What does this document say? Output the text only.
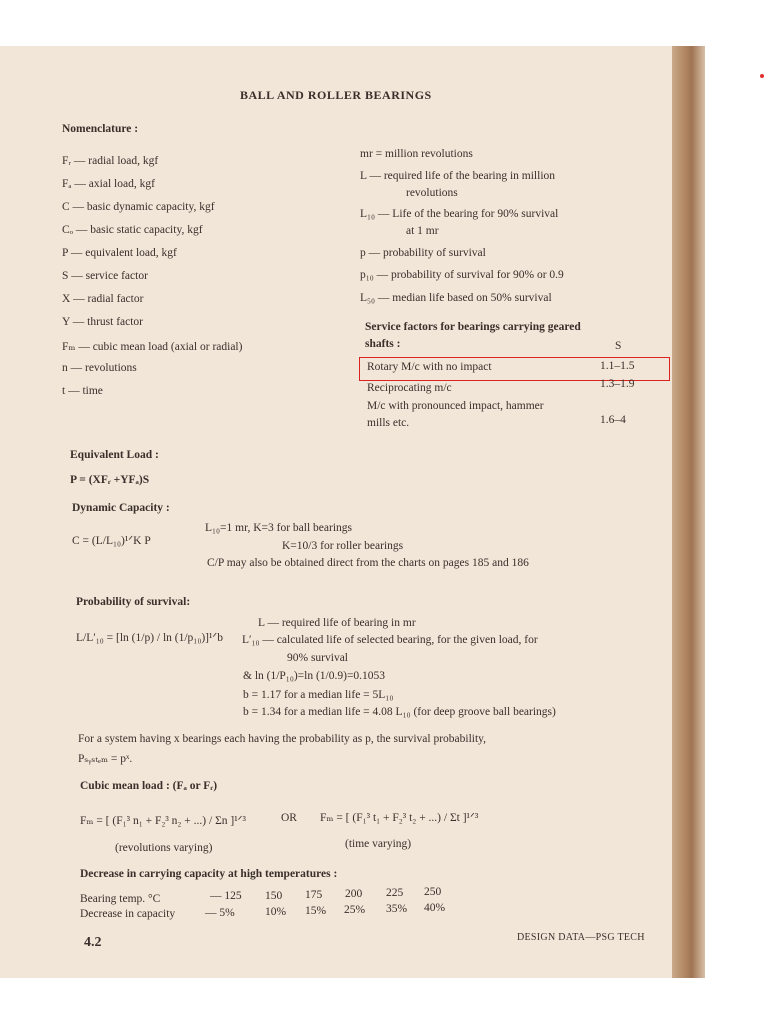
BALL AND ROLLER BEARINGS
Nomenclature :
Fᵣ — radial load, kgf
Fₐ — axial load, kgf
C — basic dynamic capacity, kgf
Cₒ — basic static capacity, kgf
P — equivalent load, kgf
S — service factor
X — radial factor
Y — thrust factor
Fₘ — cubic mean load (axial or radial)
n — revolutions
t — time
mr = million revolutions
L — required life of the bearing in million
revolutions
L₁₀ — Life of the bearing for 90% survival
at 1 mr
p — probability of survival
p₁₀ — probability of survival for 90% or 0.9
L₅₀ — median life based on 50% survival
Service factors for bearings carrying geared
shafts :	S
Rotary M/c with no impact	1.1–1.5
Reciprocating m/c	1.3–1.9
M/c with pronounced impact, hammer
mills etc.	1.6–4
Equivalent Load :
P = (XFᵣ +YFₐ)S
Dynamic Capacity :
C = (L/L₁₀)¹ᐟK P
L₁₀=1 mr, K=3 for ball bearings
K=10/3 for roller bearings
C/P may also be obtained direct from the charts on pages 185 and 186
Probability of survival:
L/L′₁₀ = [ln (1/p) / ln (1/p₁₀)]¹ᐟb
L — required life of bearing in mr
L′₁₀ — calculated life of selected bearing, for the given load, for
90% survival
& ln (1/P₁₀)=ln (1/0.9)=0.1053
b = 1.17 for a median life = 5L₁₀
b = 1.34 for a median life = 4.08 L₁₀ (for deep groove ball bearings)
For a system having x bearings each having the probability as p, the survival probability,
Pₛᵧₛₜₑₘ = pˣ.
Cubic mean load : (Fₐ or Fᵣ)
Fₘ = [ (F₁³ n₁ + F₂³ n₂ + ...) / Σn ]¹ᐟ³	OR Fₘ = [ (F₁³ t₁ + F₂³ t₂ + ...) / Σt ]¹ᐟ³
(revolutions varying)	(time varying)
Decrease in carrying capacity at high temperatures :
Bearing temp. °C	— 125 150 175 200 225 250
Decrease in capacity	— 5%	10% 15% 25% 35% 40%
4.2	DESIGN DATA—PSG TECH
